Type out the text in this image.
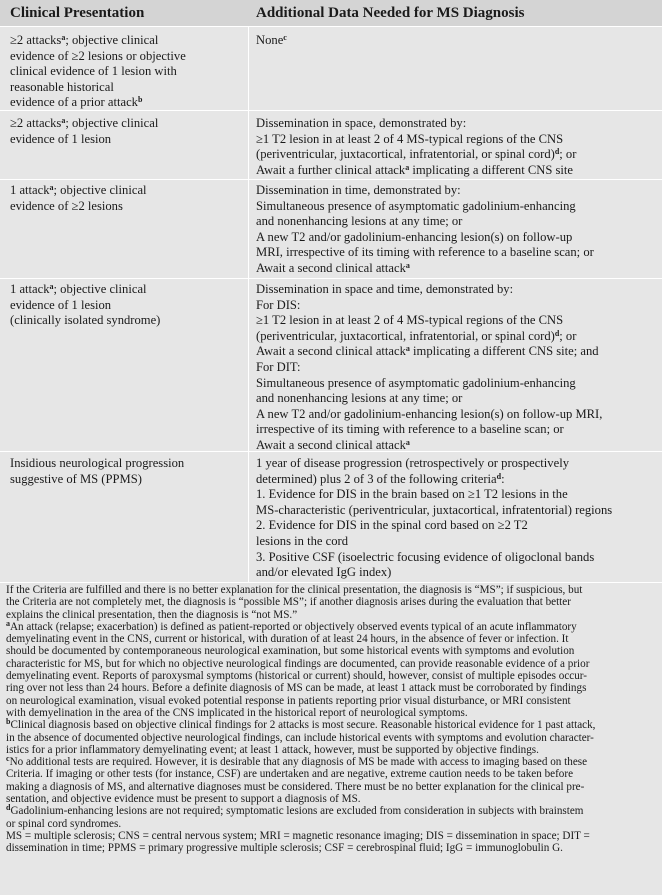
Clinical Presentation	Additional Data Needed for MS Diagnosis
≥2 attacks$^a$; objective clinical
evidence of ≥2 lesions or objective
clinical evidence of 1 lesion with
reasonable historical
evidence of a prior attack$^b$
None$^c$
≥2 attacks$^a$; objective clinical
evidence of 1 lesion
Dissemination in space, demonstrated by:
≥1 T2 lesion in at least 2 of 4 MS-typical regions of the CNS
(periventricular, juxtacortical, infratentorial, or spinal cord)$^d$; or
Await a further clinical attack$^a$ implicating a different CNS site
1 attack$^a$; objective clinical
evidence of ≥2 lesions
Dissemination in time, demonstrated by:
Simultaneous presence of asymptomatic gadolinium-enhancing
and nonenhancing lesions at any time; or
A new T2 and/or gadolinium-enhancing lesion(s) on follow-up
MRI, irrespective of its timing with reference to a baseline scan; or
Await a second clinical attack$^a$
1 attack$^a$; objective clinical
evidence of 1 lesion
(clinically isolated syndrome)
Dissemination in space and time, demonstrated by:
For DIS:
≥1 T2 lesion in at least 2 of 4 MS-typical regions of the CNS
(periventricular, juxtacortical, infratentorial, or spinal cord)$^d$; or
Await a second clinical attack$^a$ implicating a different CNS site; and
For DIT:
Simultaneous presence of asymptomatic gadolinium-enhancing
and nonenhancing lesions at any time; or
A new T2 and/or gadolinium-enhancing lesion(s) on follow-up MRI,
irrespective of its timing with reference to a baseline scan; or
Await a second clinical attack$^a$
Insidious neurological progression
suggestive of MS (PPMS)
1 year of disease progression (retrospectively or prospectively
determined) plus 2 of 3 of the following criteria$^d$:
1. Evidence for DIS in the brain based on ≥1 T2 lesions in the
MS-characteristic (periventricular, juxtacortical, infratentorial) regions
2. Evidence for DIS in the spinal cord based on ≥2 T2
lesions in the cord
3. Positive CSF (isoelectric focusing evidence of oligoclonal bands
and/or elevated IgG index)
If the Criteria are fulfilled and there is no better explanation for the clinical presentation, the diagnosis is “MS”; if suspicious, but
the Criteria are not completely met, the diagnosis is “possible MS”; if another diagnosis arises during the evaluation that better
explains the clinical presentation, then the diagnosis is “not MS.”
$^a$An attack (relapse; exacerbation) is defined as patient-reported or objectively observed events typical of an acute inflammatory
demyelinating event in the CNS, current or historical, with duration of at least 24 hours, in the absence of fever or infection. It
should be documented by contemporaneous neurological examination, but some historical events with symptoms and evolution
characteristic for MS, but for which no objective neurological findings are documented, can provide reasonable evidence of a prior
demyelinating event. Reports of paroxysmal symptoms (historical or current) should, however, consist of multiple episodes occur-
ring over not less than 24 hours. Before a definite diagnosis of MS can be made, at least 1 attack must be corroborated by findings
on neurological examination, visual evoked potential response in patients reporting prior visual disturbance, or MRI consistent
with demyelination in the area of the CNS implicated in the historical report of neurological symptoms.
$^b$Clinical diagnosis based on objective clinical findings for 2 attacks is most secure. Reasonable historical evidence for 1 past attack,
in the absence of documented objective neurological findings, can include historical events with symptoms and evolution character-
istics for a prior inflammatory demyelinating event; at least 1 attack, however, must be supported by objective findings.
$^c$No additional tests are required. However, it is desirable that any diagnosis of MS be made with access to imaging based on these
Criteria. If imaging or other tests (for instance, CSF) are undertaken and are negative, extreme caution needs to be taken before
making a diagnosis of MS, and alternative diagnoses must be considered. There must be no better explanation for the clinical pre-
sentation, and objective evidence must be present to support a diagnosis of MS.
$^d$Gadolinium-enhancing lesions are not required; symptomatic lesions are excluded from consideration in subjects with brainstem
or spinal cord syndromes.
MS = multiple sclerosis; CNS = central nervous system; MRI = magnetic resonance imaging; DIS = dissemination in space; DIT =
dissemination in time; PPMS = primary progressive multiple sclerosis; CSF = cerebrospinal fluid; IgG = immunoglobulin G.
